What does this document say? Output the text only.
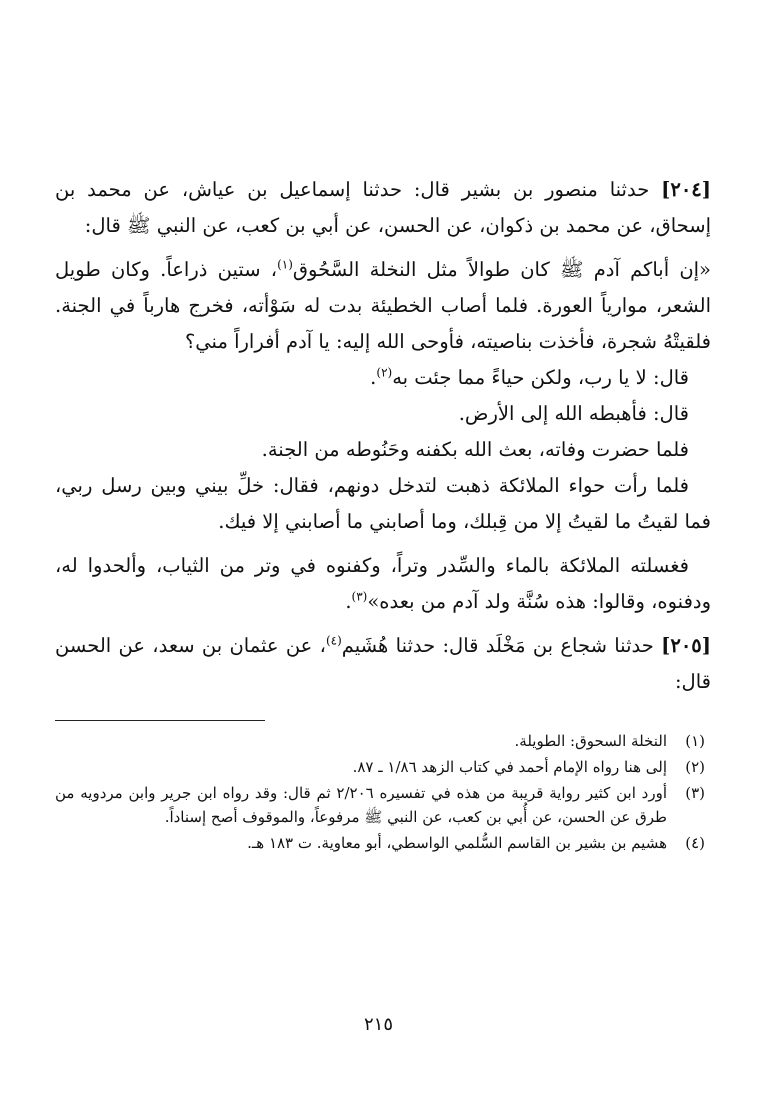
[٢٠٤] حدثنا منصور بن بشير قال: حدثنا إسماعيل بن عياش، عن محمد بن إسحاق، عن محمد بن ذكوان، عن الحسن، عن أبي بن كعب، عن النبي ﷺ قال:

«إن أباكم آدم ﷺ كان طوالاً مثل النخلة السَّحُوق$^{(١)}$، ستين ذراعاً. وكان طويل الشعر، موارياً العورة. فلما أصاب الخطيئة بدت له سَوْأته، فخرج هارباً في الجنة. فلقيتْهُ شجرة، فأخذت بناصيته، فأوحى الله إليه: يا آدم أفراراً مني؟

قال: لا يا رب، ولكن حياءً مما جئت به$^{(٢)}$.

قال: فأهبطه الله إلى الأرض.

فلما حضرت وفاته، بعث الله بكفنه وحَنُوطه من الجنة.

فلما رأت حواء الملائكة ذهبت لتدخل دونهم، فقال: خلِّ بيني وبين رسل ربي، فما لقيتُ ما لقيتُ إلا من قِبلك، وما أصابني ما أصابني إلا فيك.

فغسلته الملائكة بالماء والسِّدر وتراً، وكفنوه في وتر من الثياب، وألحدوا له، ودفنوه، وقالوا: هذه سُنَّة ولد آدم من بعده»$^{(٣)}$.

[٢٠٥] حدثنا شجاع بن مَخْلَد قال: حدثنا هُشَيم$^{(٤)}$، عن عثمان بن سعد، عن الحسن قال:

(١)
النخلة السحوق: الطويلة.
(٢)
إلى هنا رواه الإمام أحمد في كتاب الزهد ١/٨٦ ـ ٨٧.
(٣)
أورد ابن كثير رواية قريبة من هذه في تفسيره ٢/٢٠٦ ثم قال: وقد رواه ابن جرير وابن مردويه من طرق عن الحسن، عن أُبي بن كعب، عن النبي ﷺ مرفوعاً، والموقوف أصح إسناداً.
(٤)
هشيم بن بشير بن القاسم السُّلمي الواسطي، أبو معاوية. ت ١٨٣ هـ.
٢١٥
